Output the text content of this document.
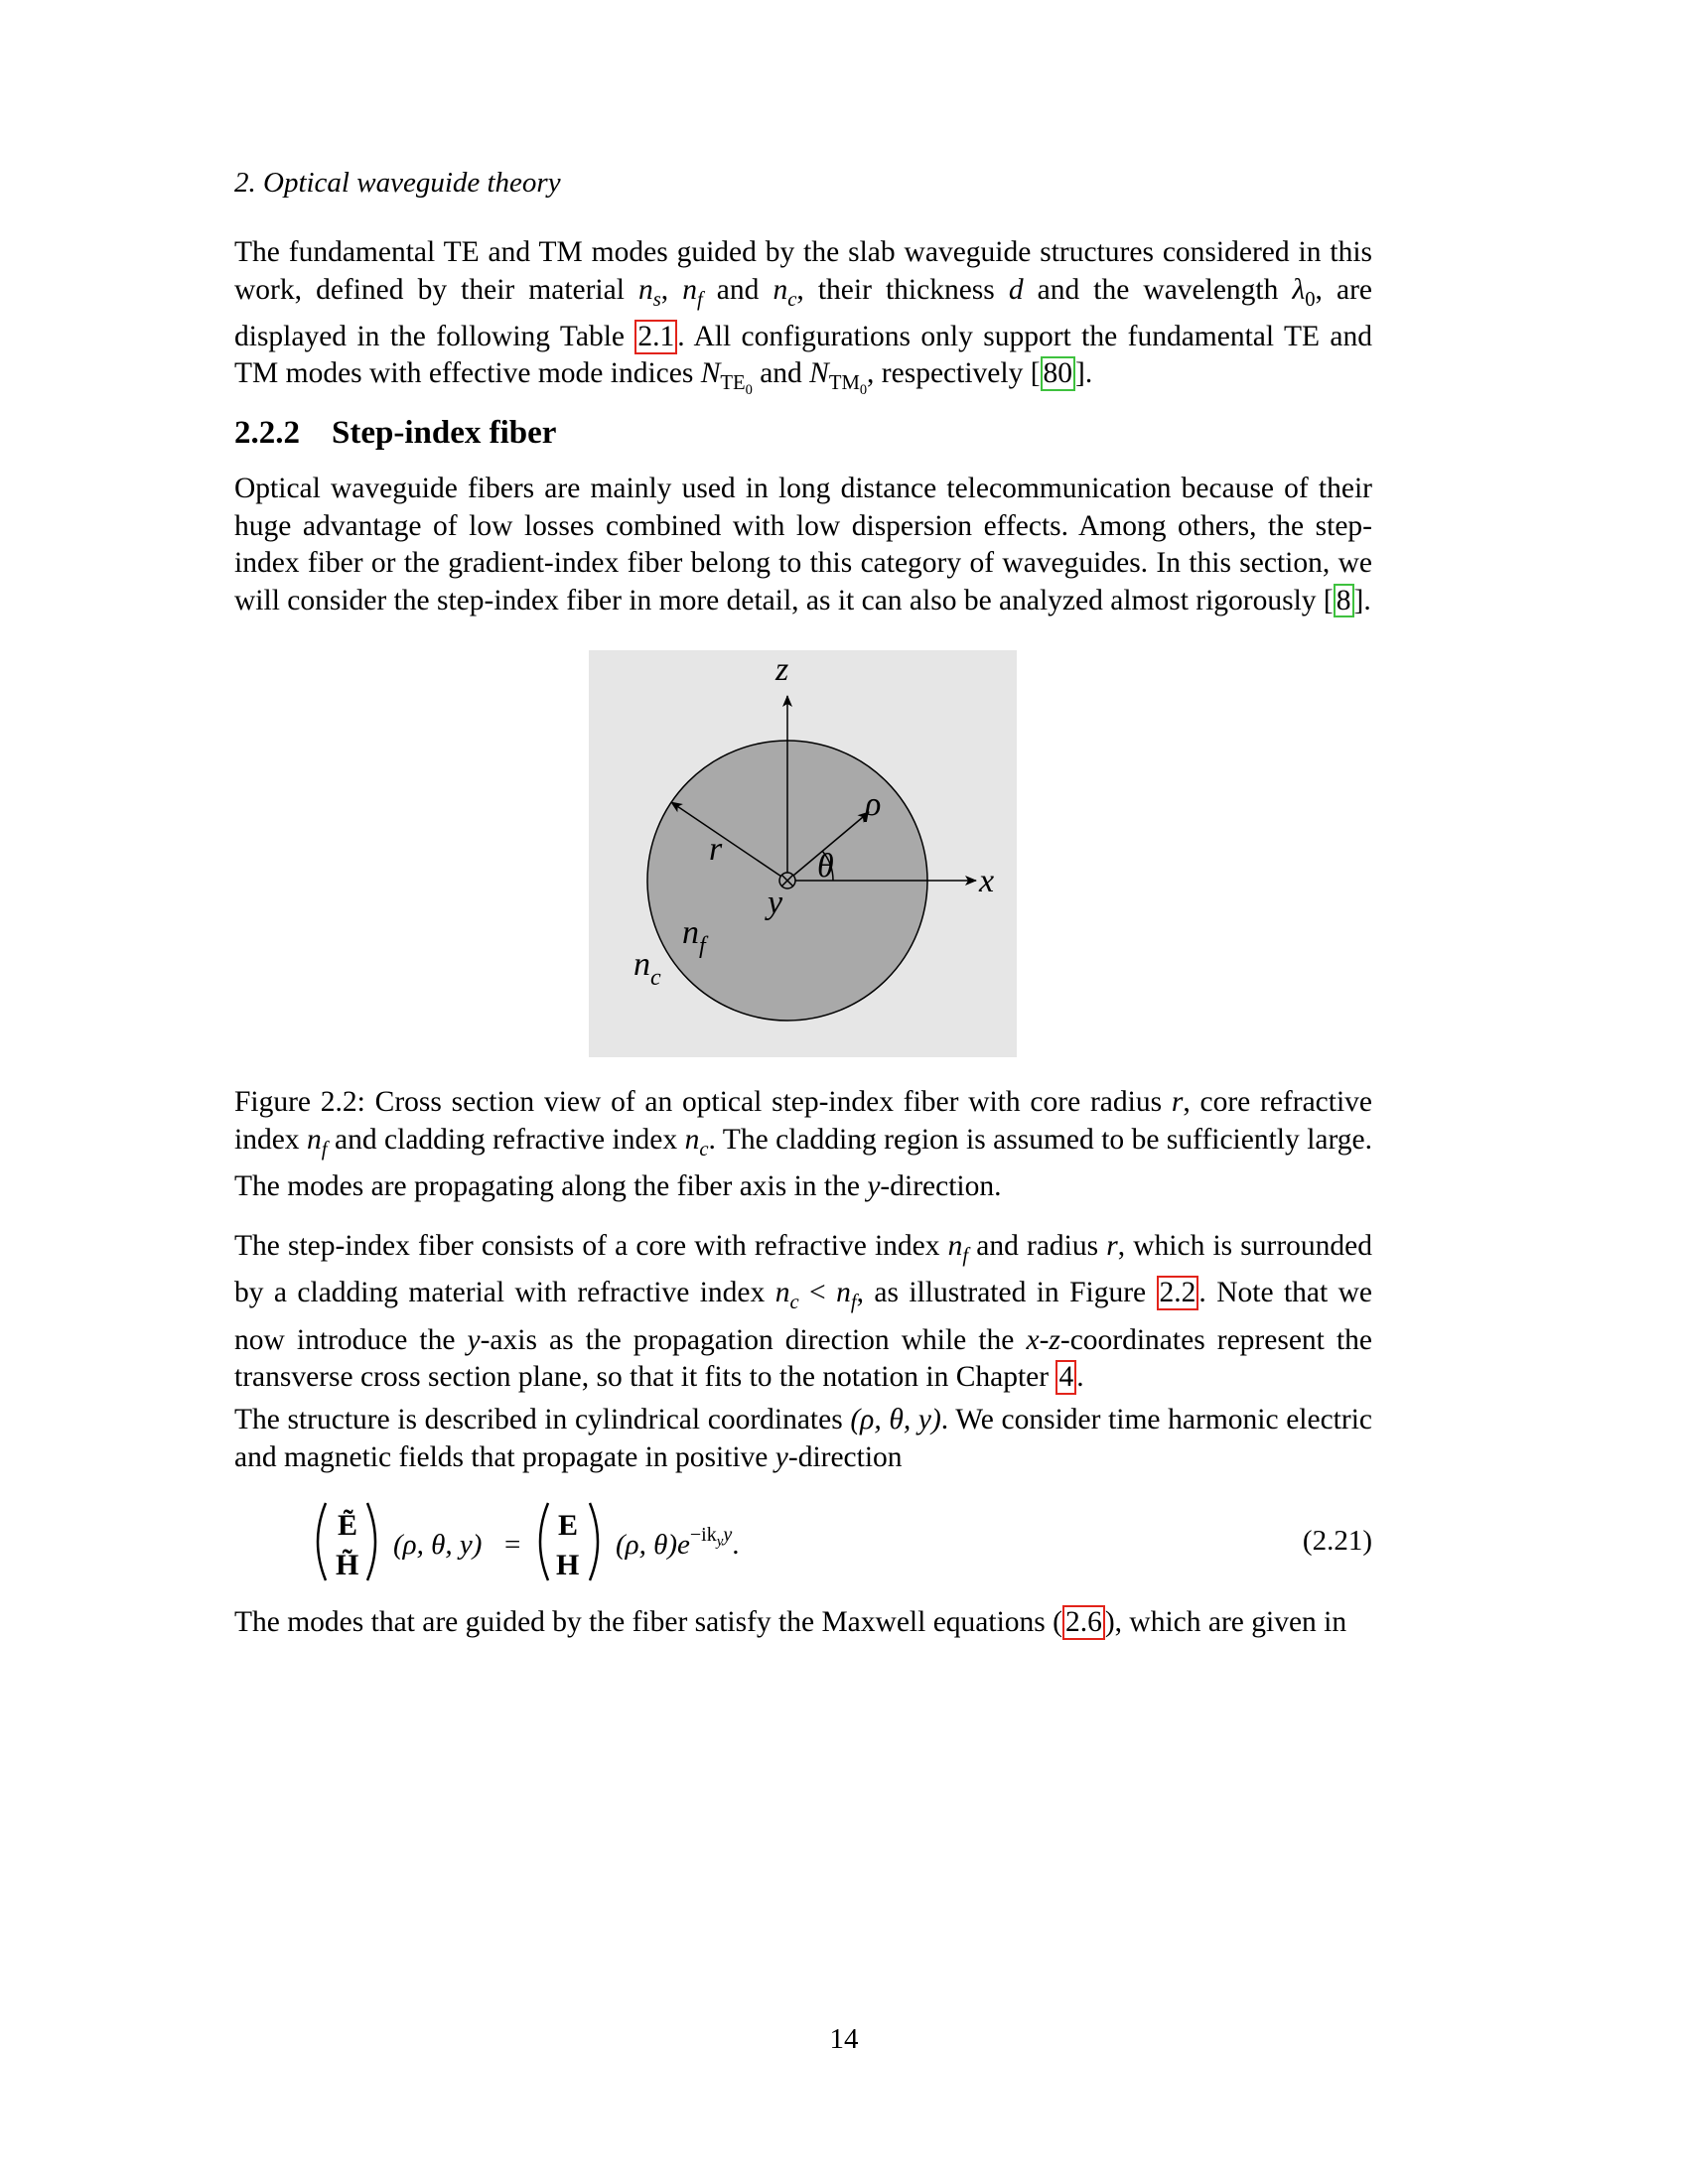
2. Optical waveguide theory
The fundamental TE and TM modes guided by the slab waveguide structures considered in this work, defined by their material $n_s$, $n_f$ and $n_c$, their thickness d and the wavelength $\lambda_0$, are displayed in the following Table 2.1 . All configurations only support the fundamental TE and TM modes with effective mode indices $N_{TE_0}$ and $N_{TM_0}$, respectively [ 80 ].
2.2.2 Step-index fiber
Optical waveguide fibers are mainly used in long distance telecommunication because of their huge advantage of low losses combined with low dispersion effects. Among others, the step-index fiber or the gradient-index fiber belong to this category of waveguides. In this section, we will consider the step-index fiber in more detail, as it can also be analyzed almost rigorously [ 8 ].
z
x
y
ρ
θ
r
$n_f$
$n_c$
Figure 2.2: Cross section view of an optical step-index fiber with core radius r, core refractive index $n_f$ and cladding refractive index $n_c$. The cladding region is assumed to be sufficiently large. The modes are propagating along the fiber axis in the y-direction.
The step-index fiber consists of a core with refractive index $n_f$ and radius r, which is surrounded by a cladding material with refractive index $n_c < n_f$, as illustrated in Figure 2.2 . Note that we now introduce the y-axis as the propagation direction while the x-z-coordinates represent the transverse cross section plane, so that it fits to the notation in Chapter 4 .
The structure is described in cylindrical coordinates (ρ, θ, y). We consider time harmonic electric and magnetic fields that propagate in positive y-direction
Ẽ
H̃
(ρ, θ, y) =
E
H
(ρ, $\theta)e^{-ik}yy$.	(2.21)
The modes that are guided by the fiber satisfy the Maxwell equations ( 2.6 ), which are given in
14
